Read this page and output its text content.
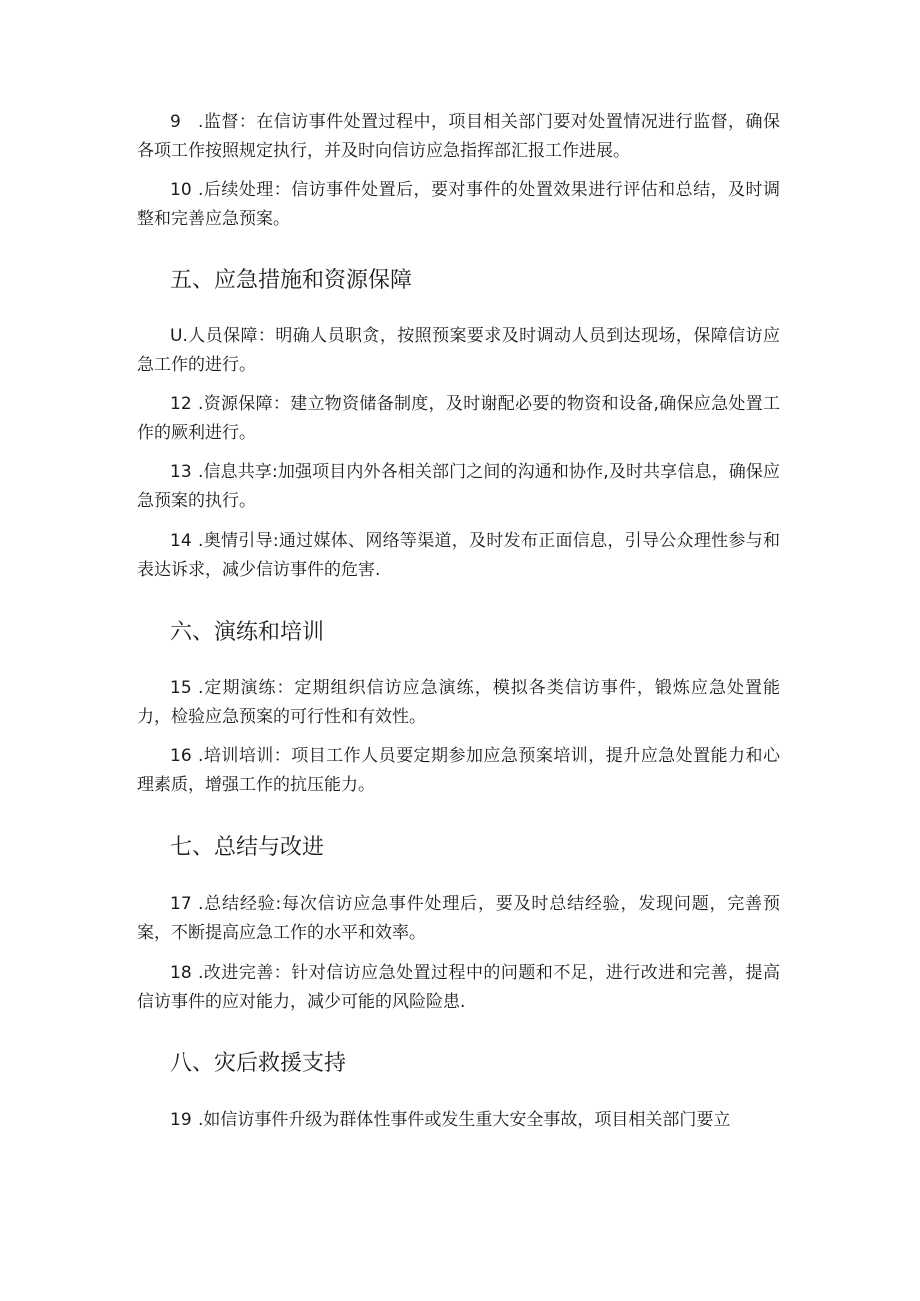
9 .监督：在信访事件处置过程中，项目相关部门要对处置情况进行监督，确保各项工作按照规定执行，并及时向信访应急指挥部汇报工作进展。

10 .后续处理：信访事件处置后，要对事件的处置效果进行评估和总结，及时调整和完善应急预案。

五、应急措施和资源保障

U.人员保障：明确人员职贪，按照预案要求及时调动人员到达现场，保障信访应急工作的进行。

12 .资源保障：建立物资储备制度，及时谢配必要的物资和设备,确保应急处置工作的厥利进行。

13 .信息共享:加强项目内外各相关部门之间的沟通和协作,及时共享信息，确保应急预案的执行。

14 .奥情引导:通过媒体、网络等渠道，及时发布正面信息，引导公众理性参与和表达诉求，减少信访事件的危害.

六、演练和培训

15 .定期演练：定期组织信访应急演练，模拟各类信访事件，锻炼应急处置能力，检验应急预案的可行性和有效性。

16 .培训培训：项目工作人员要定期参加应急预案培训，提升应急处置能力和心理素质，增强工作的抗压能力。

七、总结与改进

17 .总结经验:每次信访应急事件处理后，要及时总结经验，发现问题，完善预案，不断提高应急工作的水平和效率。

18 .改进完善：针对信访应急处置过程中的问题和不足，进行改进和完善，提高信访事件的应对能力，减少可能的风险险患.

八、灾后救援支持

19 .如信访事件升级为群体性事件或发生重大安全事故，项目相关部门要立
